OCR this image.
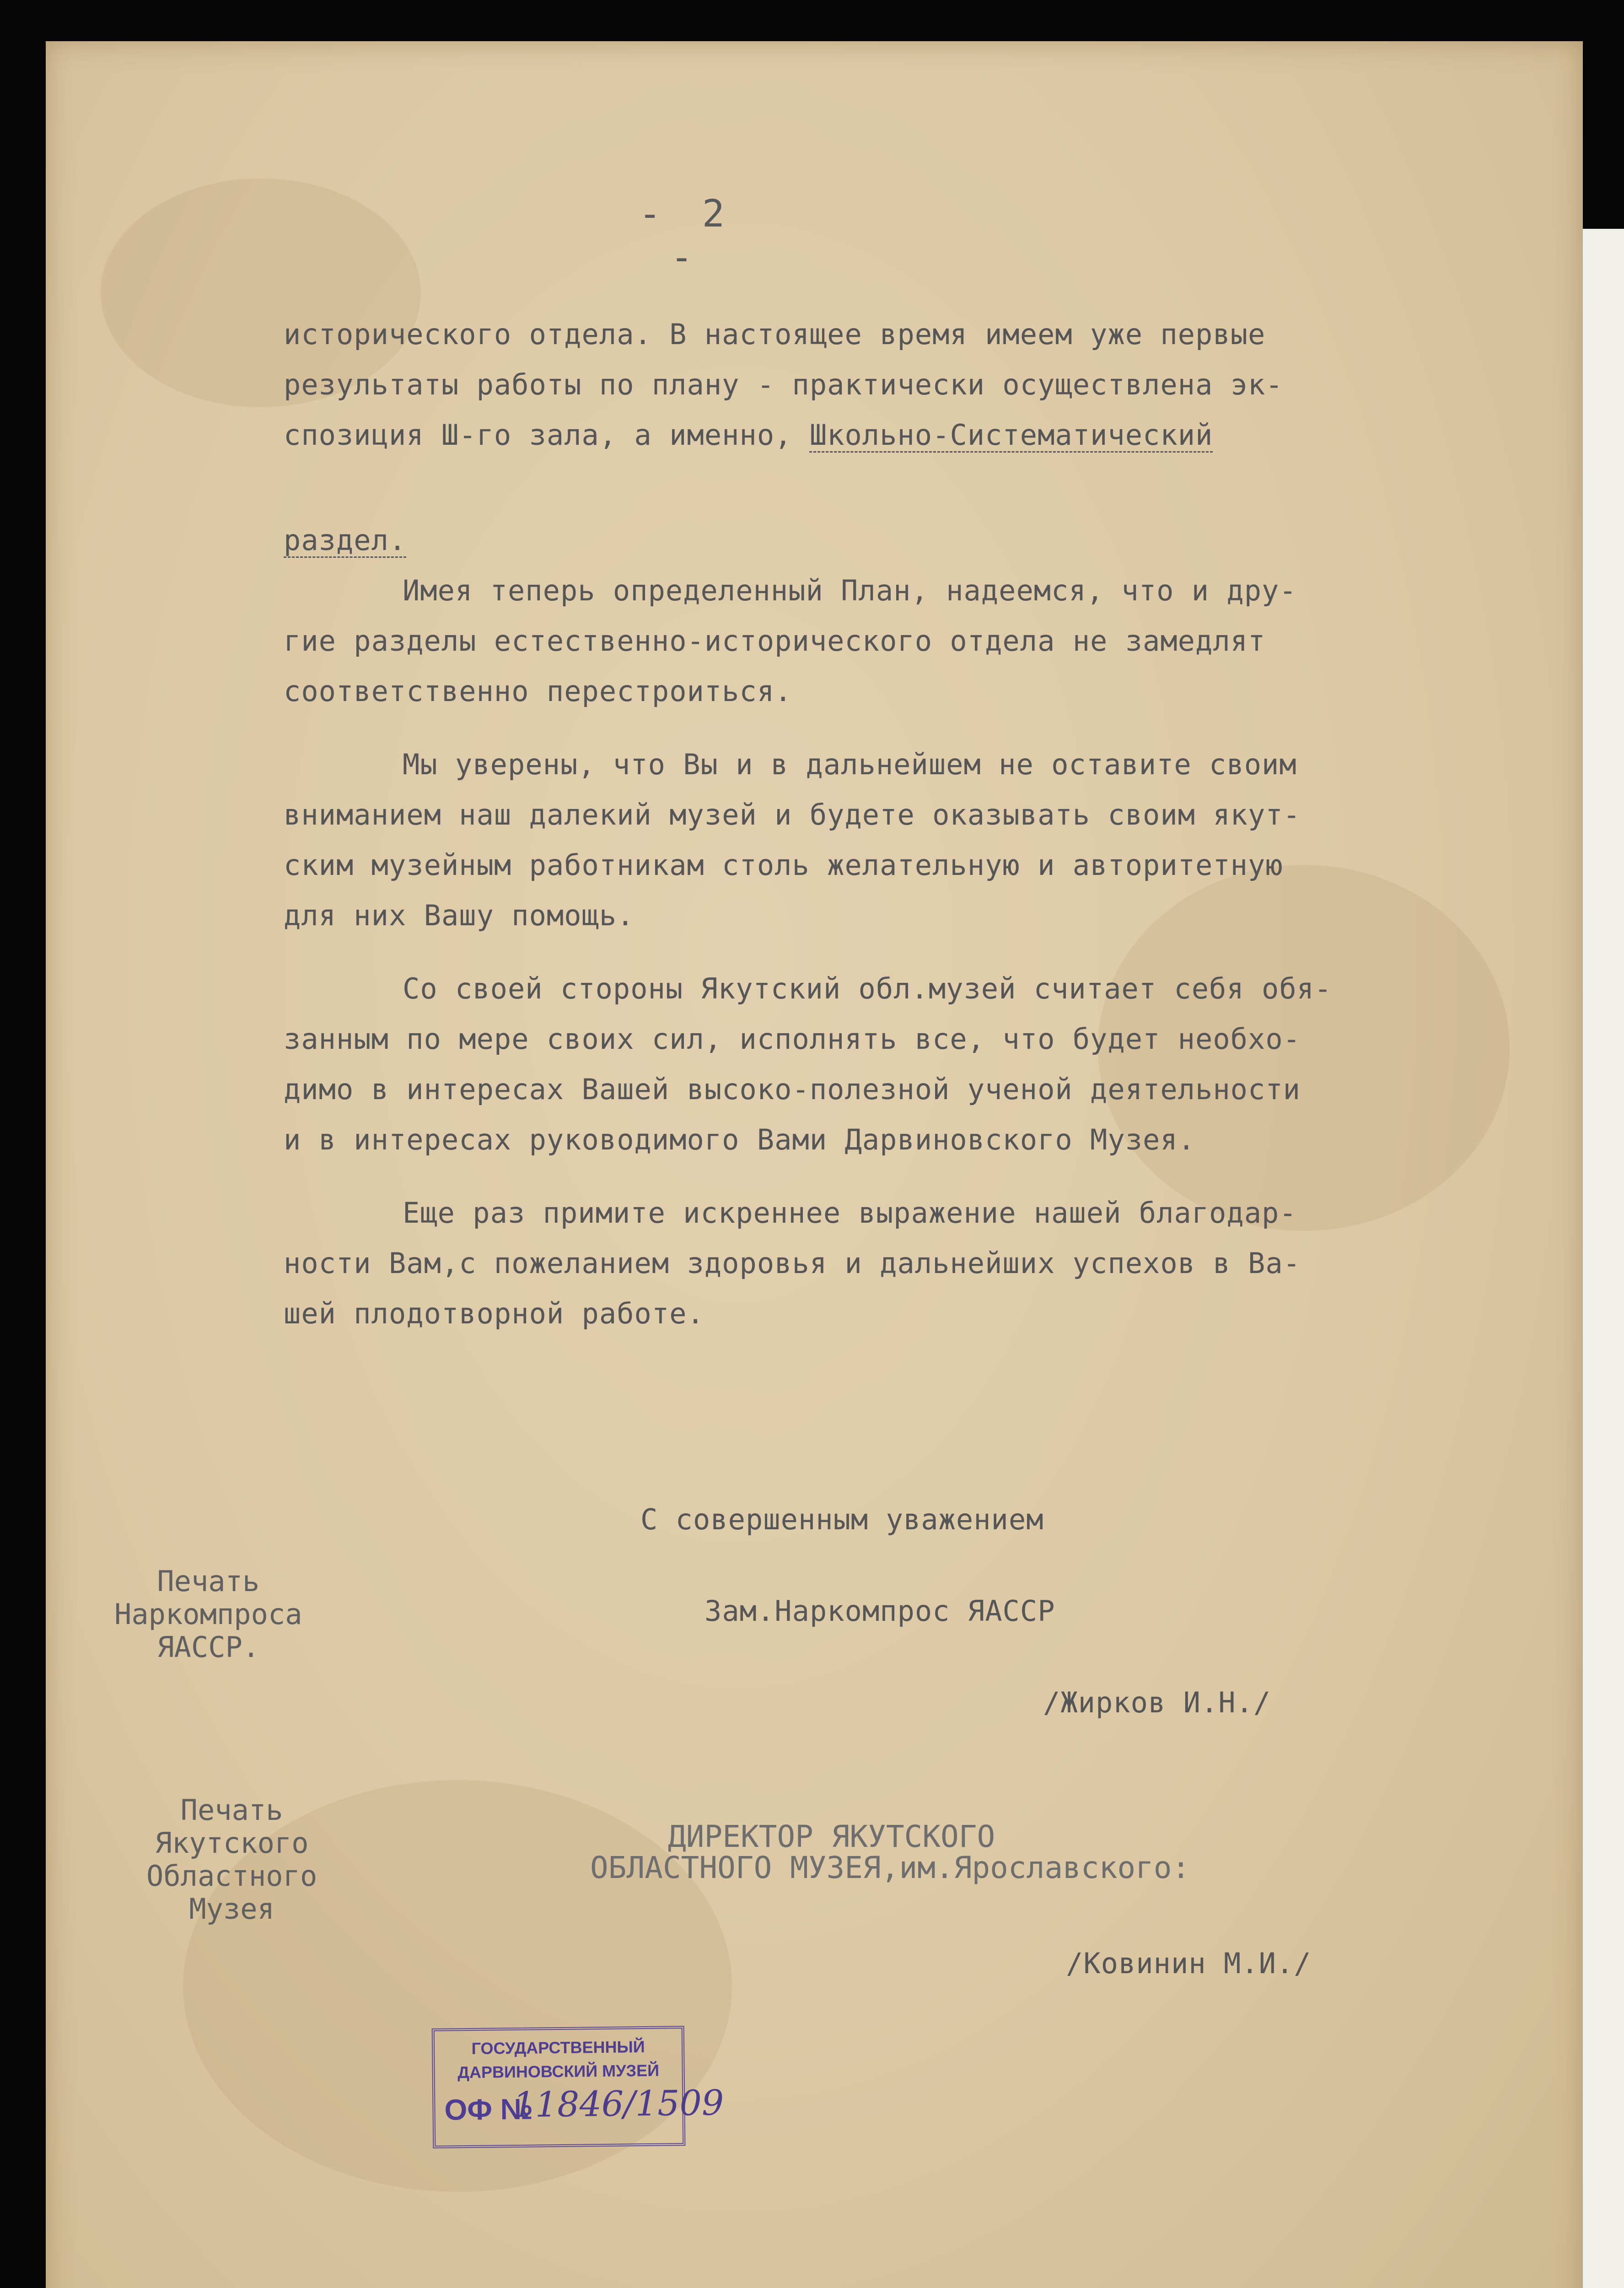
- 2 -
исторического отдела. В настоящее время имеем уже первые
результаты работы по плану - практически осуществлена эк-
спозиция Ш-го зала, а именно, Школьно-Систематический
раздел.
Имея теперь определенный План, надеемся, что и дру-
гие разделы естественно-исторического отдела не замедлят
соответственно перестроиться.
Мы уверены, что Вы и в дальнейшем не оставите своим
вниманием наш далекий музей и будете оказывать своим якут-
ским музейным работникам столь желательную и авторитетную
для них Вашу помощь.
Со своей стороны Якутский обл.музей считает себя обя-
занным по мере своих сил, исполнять все, что будет необхо-
димо в интересах Вашей высоко-полезной ученой деятельности
и в интересах руководимого Вами Дарвиновского Музея.
Еще раз примите искреннее выражение нашей благодар-
ности Вам,с пожеланием здоровья и дальнейших успехов в Ва-
шей плодотворной работе.
С совершенным уважением
Зам.Наркомпрос ЯАССР
/Жирков И.Н./
Печать
Наркомпроса
ЯАССР.
Печать
Якутского
Областного
Музея
ДИРЕКТОР ЯКУТСКОГО
ОБЛАСТНОГО МУЗЕЯ,им.Ярославского:
/Ковинин М.И./
ГОСУДАРСТВЕННЫЙ
ДАРВИНОВСКИЙ МУЗЕЙ
ОФ №
11846/1509
